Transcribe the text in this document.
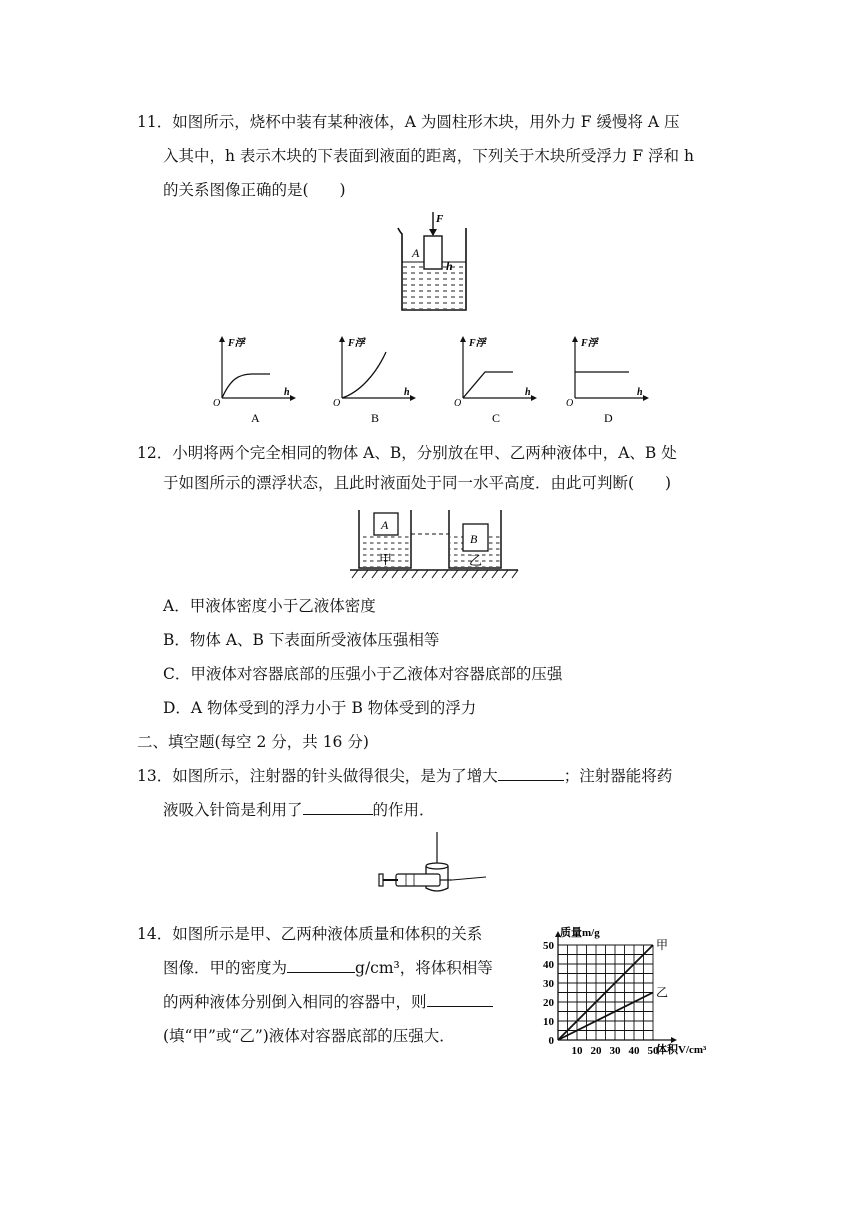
11．如图所示，烧杯中装有某种液体，A 为圆柱形木块，用外力 F 缓慢将 A 压
入其中，h 表示木块的下表面到液面的距离，下列关于木块所受浮力 F 浮和 h
的关系图像正确的是(　　)
F
A
h
F浮
O
h
A
F浮
O
h
B
F浮
O
h
C
F浮
O
h
D
12．小明将两个完全相同的物体 A、B，分别放在甲、乙两种液体中，A、B 处
于如图所示的漂浮状态，且此时液面处于同一水平高度．由此可判断(　　)
A
甲
B
乙
A．甲液体密度小于乙液体密度
B．物体 A、B 下表面所受液体压强相等
C．甲液体对容器底部的压强小于乙液体对容器底部的压强
D．A 物体受到的浮力小于 B 物体受到的浮力
二、填空题(每空 2 分，共 16 分)
13．如图所示，注射器的针头做得很尖，是为了增大	；注射器能将药
液吸入针筒是利用了	的作用．
14．如图所示是甲、乙两种液体质量和体积的关系
图像．甲的密度为	g/cm³，将体积相等
的两种液体分别倒入相同的容器中，则
(填“甲”或“乙”)液体对容器底部的压强大．
甲
乙
0
10
20
30
40
50
10 20 30 40 50
质量m/g
体积V/cm³
